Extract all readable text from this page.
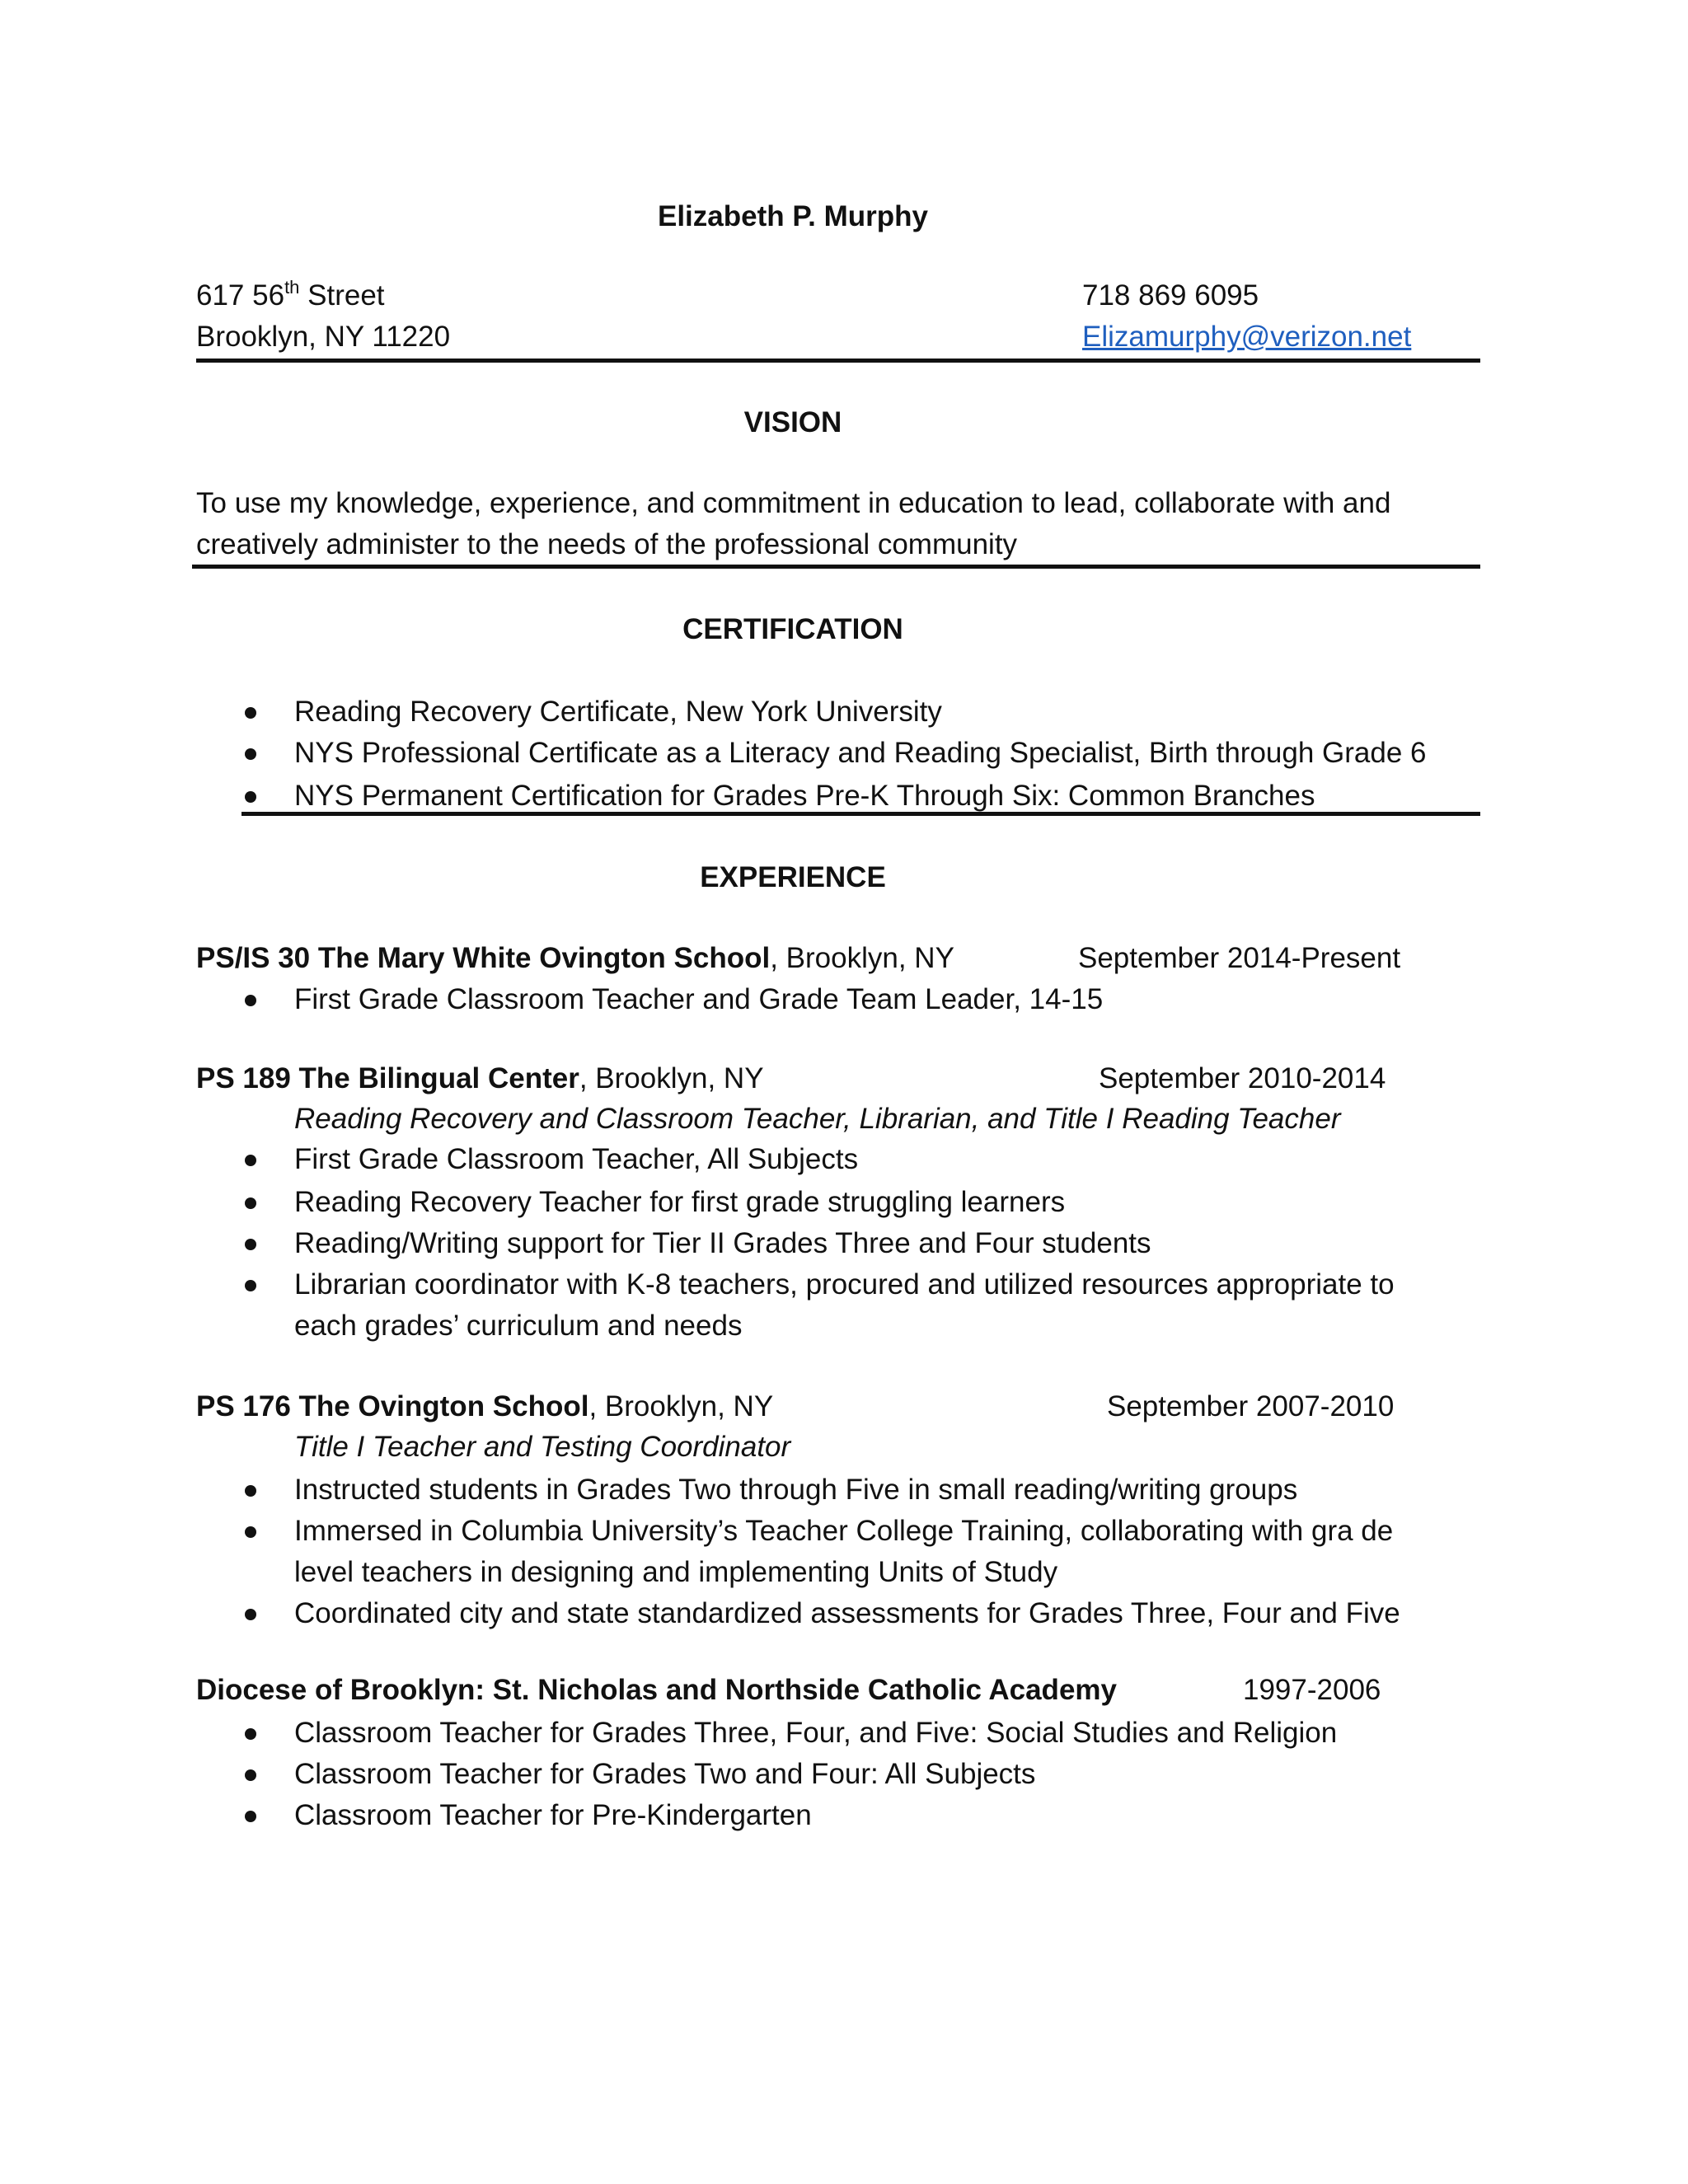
Elizabeth P. Murphy
617 56th Street
Brooklyn, NY 11220
718 869 6095
Elizamurphy@verizon.net
VISION
To use my knowledge, experience, and commitment in education to lead, collaborate with and
creatively administer to the needs of the professional community
CERTIFICATION
Reading Recovery Certificate, New York University
NYS Professional Certificate as a Literacy and Reading Specialist, Birth through Grade 6
NYS Permanent Certification for Grades Pre-K Through Six: Common Branches
EXPERIENCE
PS/IS 30 The Mary White Ovington School, Brooklyn, NY	September 2014-Present
First Grade Classroom Teacher and Grade Team Leader, 14-15
PS 189 The Bilingual Center, Brooklyn, NY	September 2010-2014
Reading Recovery and Classroom Teacher, Librarian, and Title I Reading Teacher
First Grade Classroom Teacher, All Subjects
Reading Recovery Teacher for first grade struggling learners
Reading/Writing support for Tier II Grades Three and Four students
Librarian coordinator with K-8 teachers, procured and utilized resources appropriate to
each grades’ curriculum and needs
PS 176 The Ovington School, Brooklyn, NY	September 2007-2010
Title I Teacher and Testing Coordinator
Instructed students in Grades Two through Five in small reading/writing groups
Immersed in Columbia University’s Teacher College Training, collaborating with gra de
level teachers in designing and implementing Units of Study
Coordinated city and state standardized assessments for Grades Three, Four and Five
Diocese of Brooklyn: St. Nicholas and Northside Catholic Academy	1997-2006
Classroom Teacher for Grades Three, Four, and Five: Social Studies and Religion
Classroom Teacher for Grades Two and Four: All Subjects
Classroom Teacher for Pre-Kindergarten
